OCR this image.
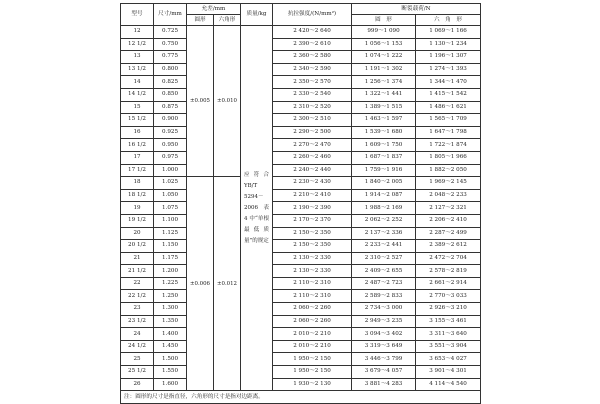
型号	尺寸/mm	允差/mm		质量/kg	抗拉强度/(N/mm²)	断裂载荷/N	
		圆形	六角形			圆　形	六　角　形
12	0.725	±0.005	±0.010	应符合 YB/T 5294－2006 表 4 中“单根最低质量”的规定	2 420～2 640	999～1 090	1 069～1 166
12 1/2	0.750				2 390～2 610	1 056～1 153	1 130～1 234
13	0.775				2 360～2 580	1 074～1 222	1 196～1 307
13 1/2	0.800				2 340～2 590	1 191～1 302	1 274～1 393
14	0.825				2 350～2 570	1 256～1 374	1 344～1 470
14 1/2	0.850				2 330～2 540	1 322～1 441	1 415～1 542
15	0.875				2 310～2 520	1 389～1 515	1 486～1 621
15 1/2	0.900				2 300～2 510	1 463～1 597	1 565～1 709
16	0.925				2 290～2 500	1 539～1 680	1 647～1 798
16 1/2	0.950				2 270～2 470	1 609～1 750	1 722～1 874
17	0.975				2 260～2 460	1 687～1 837	1 805～1 966
17 1/2	1.000				2 240～2 440	1 759～1 916	1 882～2 050
18	1.025	±0.006	±0.012		2 230～2 430	1 840～2 005	1 969～2 145
18 1/2	1.050				2 210～2 410	1 914～2 087	2 048～2 233
19	1.075				2 190～2 390	1 988～2 169	2 127～2 321
19 1/2	1.100				2 170～2 370	2 062～2 252	2 206～2 410
20	1.125				2 150～2 350	2 137～2 336	2 287～2 499
20 1/2	1.150				2 150～2 350	2 233～2 441	2 389～2 612
21	1.175				2 130～2 330	2 310～2 527	2 472～2 704
21 1/2	1.200				2 130～2 330	2 409～2 655	2 578～2 819
22	1.225				2 110～2 310	2 487～2 723	2 661～2 914
22 1/2	1.250				2 110～2 310	2 589～2 833	2 770～3 033
23	1.300				2 060～2 260	2 734～3 000	2 926～3 210
23 1/2	1.350				2 060～2 260	2 949～3 235	3 155～3 461
24	1.400				2 010～2 210	3 094～3 402	3 311～3 640
24 1/2	1.450				2 010～2 210	3 319～3 649	3 551～3 904
25	1.500				1 950～2 150	3 446～3 799	3 653～4 027
25 1/2	1.550				1 950～2 150	3 679～4 057	3 901～4 301
26	1.600				1 930～2 130	3 881～4 283	4 114～4 540
注：圆形的尺寸是指直径，六角形的尺寸是指对边距离。							
